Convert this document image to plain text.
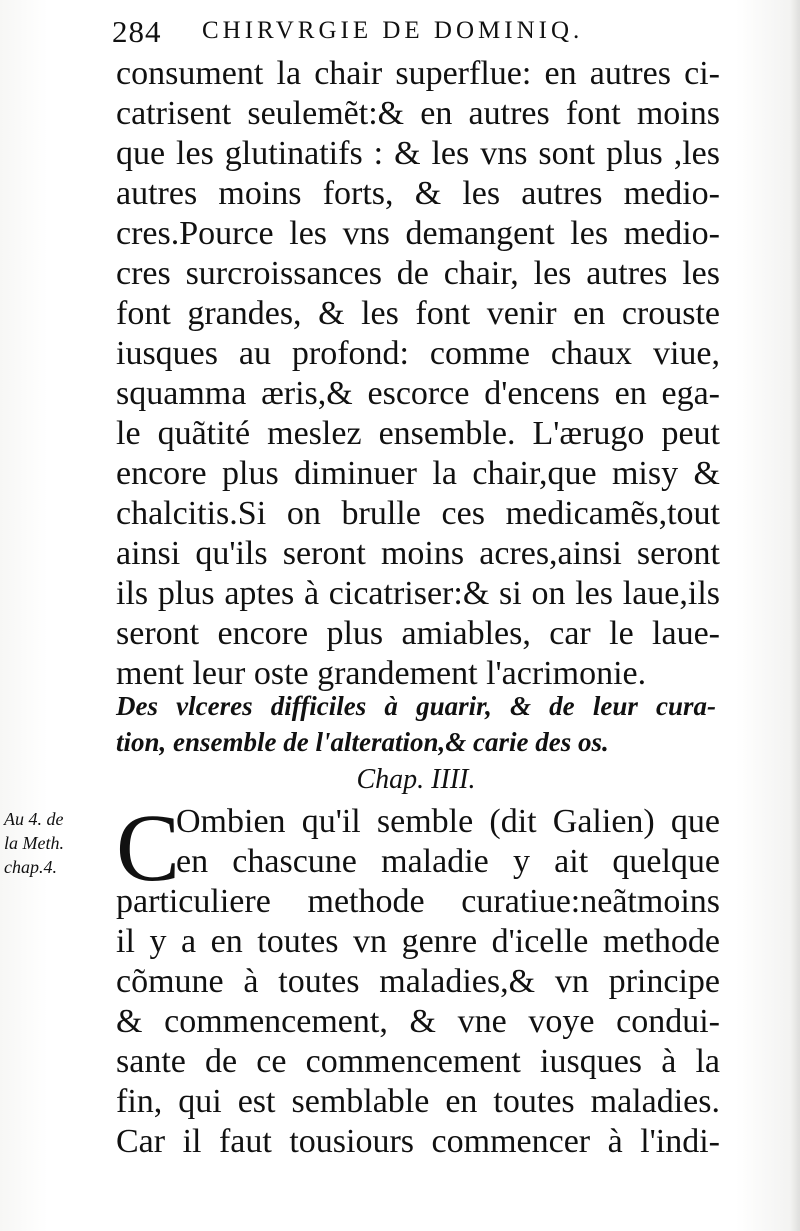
284 CHIRVRGIE DE DOMINIQ.
consument la chair superflue: en autres ci-
catrisent seulemẽt:& en autres font moins
que les glutinatifs : & les vns sont plus ,les
autres moins forts, & les autres medio-
cres.Pource les vns demangent les medio-
cres surcroissances de chair, les autres les
font grandes, & les font venir en crouste
iusques au profond: comme chaux viue,
squamma æris,& escorce d'encens en ega-
le quãtité meslez ensemble. L'ærugo peut
encore plus diminuer la chair,que misy &
chalcitis.Si on brulle ces medicamẽs,tout
ainsi qu'ils seront moins acres,ainsi seront
ils plus aptes à cicatriser:& si on les laue,ils
seront encore plus amiables, car le laue-
ment leur oste grandement l'acrimonie.
Des vlceres difficiles à guarir, & de leur cura-
tion, ensemble de l'alteration,& carie des os.
Chap. IIII.
Au 4. de
la Meth.
chap.4. C
Ombien qu'il semble (dit Galien) que
en chascune maladie y ait quelque
particuliere methode curatiue:neãtmoins
il y a en toutes vn genre d'icelle methode
cõmune à toutes maladies,& vn principe
& commencement, & vne voye condui-
sante de ce commencement iusques à la
fin, qui est semblable en toutes maladies.
Car il faut tousiours commencer à l'indi-
